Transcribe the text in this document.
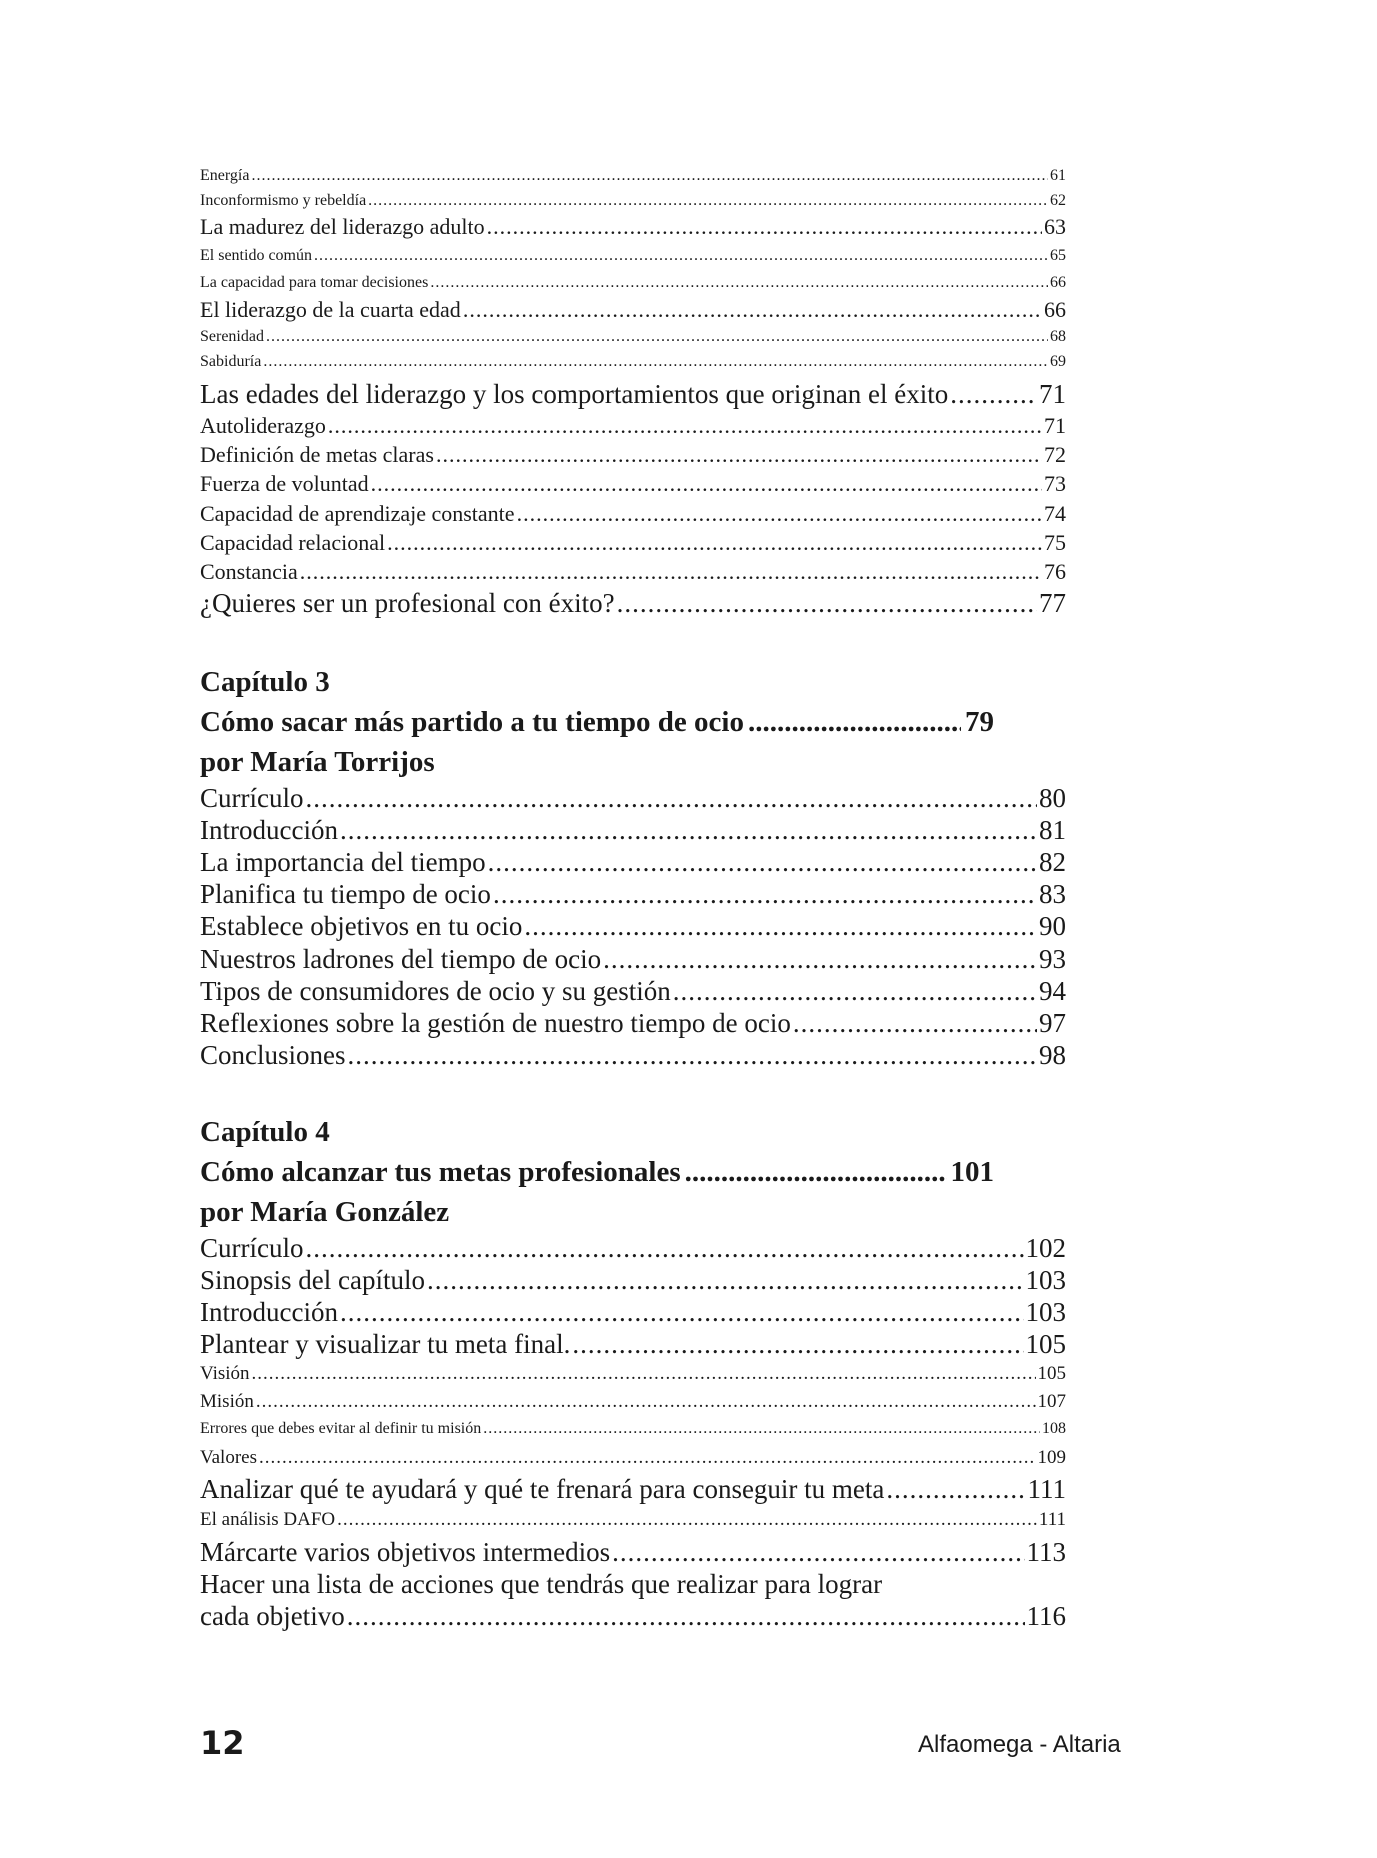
Energía .....	61
Inconformismo y rebeldía .....	62
La madurez del liderazgo adulto .....	63
El sentido común .....	65
La capacidad para tomar decisiones .....	66
El liderazgo de la cuarta edad .....	66
Serenidad .....	68
Sabiduría .....	69
Las edades del liderazgo y los comportamientos que originan el éxito .....	71
Autoliderazgo .....	71
Definición de metas claras .....	72
Fuerza de voluntad .....	73
Capacidad de aprendizaje constante .....	74
Capacidad relacional .....	75
Constancia .....	76
¿Quieres ser un profesional con éxito? .....	77
Capítulo 3
Cómo sacar más partido a tu tiempo de ocio .....	79
por María Torrijos
Currículo .....	80
Introducción .....	81
La importancia del tiempo .....	82
Planifica tu tiempo de ocio .....	83
Establece objetivos en tu ocio .....	90
Nuestros ladrones del tiempo de ocio .....	93
Tipos de consumidores de ocio y su gestión .....	94
Reflexiones sobre la gestión de nuestro tiempo de ocio .....	97
Conclusiones .....	98
Capítulo 4
Cómo alcanzar tus metas profesionales .....	101
por María González
Currículo .....	102
Sinopsis del capítulo .....	103
Introducción .....	103
Plantear y visualizar tu meta final. .....	105
Visión .....	105
Misión .....	107
Errores que debes evitar al definir tu misión .....	108
Valores .....	109
Analizar qué te ayudará y qué te frenará para conseguir tu meta .....	111
El análisis DAFO .....	111
Márcarte varios objetivos intermedios .....	113
Hacer una lista de acciones que tendrás que realizar para lograr
cada objetivo .....	116
12	Alfaomega - Altaria
